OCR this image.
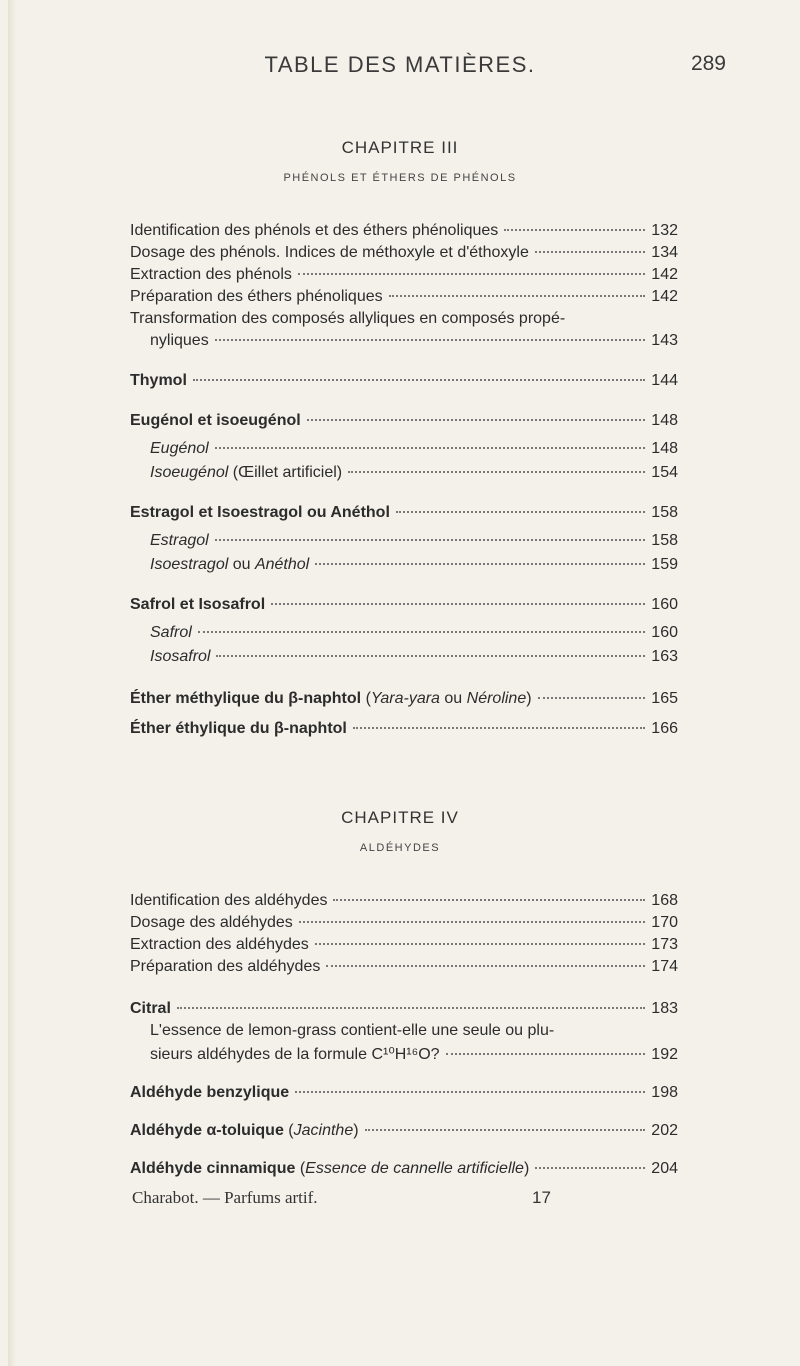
TABLE DES MATIÈRES.	289
CHAPITRE III
PHÉNOLS ET ÉTHERS DE PHÉNOLS
Identification des phénols et des éthers phénoliques	132
Dosage des phénols. Indices de méthoxyle et d'éthoxyle	134
Extraction des phénols	142
Préparation des éthers phénoliques	142
Transformation des composés allyliques en composés propé-
nyliques	143
Thymol	144
Eugénol et isoeugénol	148
Eugénol	148
Isoeugénol (Œillet artificiel)	154
Estragol et Isoestragol ou Anéthol	158
Estragol	158
Isoestragol ou Anéthol	159
Safrol et Isosafrol	160
Safrol	160
Isosafrol	163
Éther méthylique du β-naphtol (Yara-yara ou Néroline)	165
Éther éthylique du β-naphtol	166
CHAPITRE IV
ALDÉHYDES
Identification des aldéhydes	168
Dosage des aldéhydes	170
Extraction des aldéhydes	173
Préparation des aldéhydes	174
Citral	183
L'essence de lemon-grass contient-elle une seule ou plu-
sieurs aldéhydes de la formule C¹⁰H¹⁶O?	192
Aldéhyde benzylique	198
Aldéhyde α-toluique (Jacinthe)	202
Aldéhyde cinnamique (Essence de cannelle artificielle)	204
Charabot. — Parfums artif.	17
